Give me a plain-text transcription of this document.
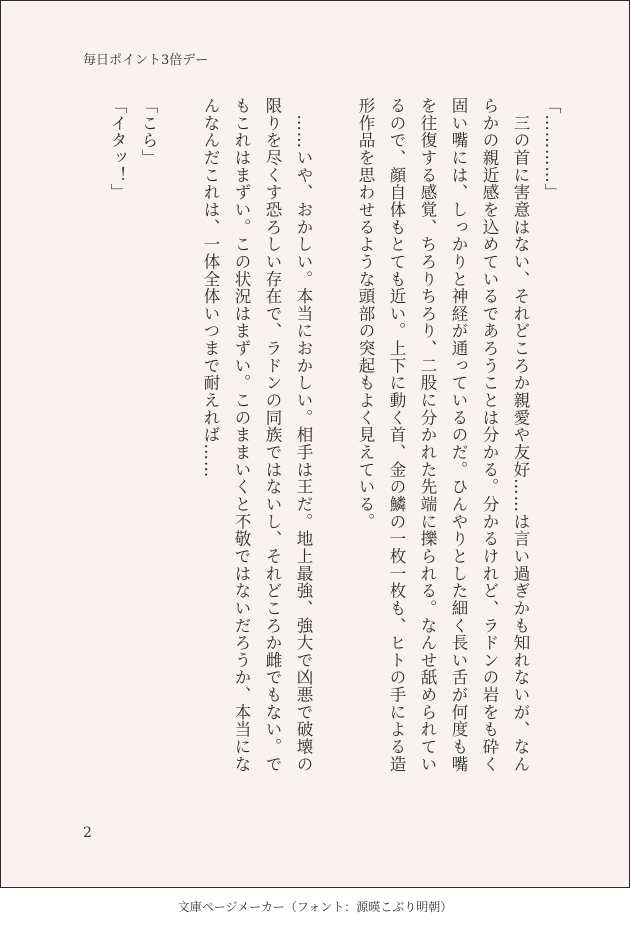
毎日ポイント3倍デー
「…………」
　三の首に害意はない、それどころか親愛や友好……は言い過ぎかも知れないが、なん
らかの親近感を込めているであろうことは分かる。分かるけれど、ラドンの岩をも砕く
固い嘴には、しっかりと神経が通っているのだ。ひんやりとした細く長い舌が何度も嘴
を往復する感覚、ちろりちろり、二股に分かれた先端に擽られる。なんせ舐められてい
るので、顔自体もとても近い。上下に動く首、金の鱗の一枚一枚も、ヒトの手による造
形作品を思わせるような頭部の突起もよく見えている。
　……いや、おかしい。本当におかしい。相手は王だ。地上最強、強大で凶悪で破壊の
限りを尽くす恐ろしい存在で、ラドンの同族ではないし、それどころか雌でもない。で
もこれはまずい。この状況はまずい。このままいくと不敬ではないだろうか、本当にな
んなんだこれは、一体全体いつまで耐えれば……
「こら」
「イタッ！」
2
文庫ページメーカー（フォント：源暎こぶり明朝）
